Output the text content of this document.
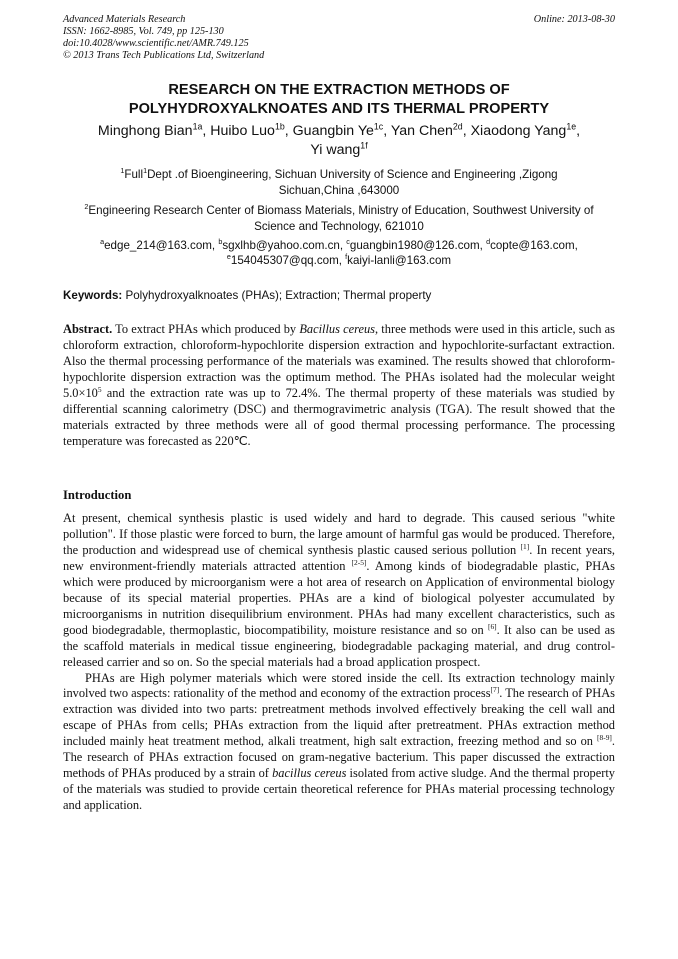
Advanced Materials Research
ISSN: 1662-8985, Vol. 749, pp 125-130
doi:10.4028/www.scientific.net/AMR.749.125
© 2013 Trans Tech Publications Ltd, Switzerland
Online: 2013-08-30
RESEARCH ON THE EXTRACTION METHODS OF
POLYHYDROXYALKNOATES AND ITS THERMAL PROPERTY
Minghong Bian$^{1a}$, Huibo Luo$^{1b}$, Guangbin $Ye^{1c}$, Yan Chen$^{2d}$, Xiaodong Yang$^{1e}$,
Yi wang$^{1f}$
$^1$Full$^1$Dept .of Bioengineering, Sichuan University of Science and Engineering ,Zigong
Sichuan,China ,643000
$^2$Engineering Research Center of Biomass Materials, Ministry of Education, Southwest University of
Science and Technology, 621010
$^a$edge_214@163.com, $^b$sgxlhb@yahoo.com.cn, $^c$guangbin1980@126.com, $^d$copte@163.com,
$^e$154045307@qq.com, $^f$kaiyi-lanli@163.com
Keywords: Polyhydroxyalknoates (PHAs); Extraction; Thermal property
Abstract. To extract PHAs which produced by Bacillus cereus, three methods were used in this article, such as chloroform extraction, chloroform-hypochlorite dispersion extraction and hypochlorite-surfactant extraction. Also the thermal processing performance of the materials was examined. The results showed that chloroform-hypochlorite dispersion extraction was the optimum method. The PHAs isolated had the molecular weight $5.0\times 10^5$ and the extraction rate was up to 72.4%. The thermal property of these materials was studied by differential scanning calorimetry (DSC) and thermogravimetric analysis (TGA). The result showed that the materials extracted by three methods were all of good thermal processing performance. The processing temperature was forecasted as 220℃.
Introduction

At present, chemical synthesis plastic is used widely and hard to degrade. This caused serious "white pollution". If those plastic were forced to burn, the large amount of harmful gas would be produced. Therefore, the production and widespread use of chemical synthesis plastic caused serious pollution [1]. In recent years, new environment-friendly materials attracted attention [2-5]. Among kinds of biodegradable plastic, PHAs which were produced by microorganism were a hot area of research on Application of environmental biology because of its special material properties. PHAs are a kind of biological polyester accumulated by microorganisms in nutrition disequilibrium environment. PHAs had many excellent characteristics, such as good biodegradable, thermoplastic, biocompatibility, moisture resistance and so on [6]. It also can be used as the scaffold materials in medical tissue engineering, biodegradable packaging material, and drug control-released carrier and so on. So the special materials had a broad application prospect.

PHAs are High polymer materials which were stored inside the cell. Its extraction technology mainly involved two aspects: rationality of the method and economy of the extraction process[7]. The research of PHAs extraction was divided into two parts: pretreatment methods involved effectively breaking the cell wall and escape of PHAs from cells; PHAs extraction from the liquid after pretreatment. PHAs extraction method included mainly heat treatment method, alkali treatment, high salt extraction, freezing method and so on [8-9]. The research of PHAs extraction focused on gram-negative bacterium. This paper discussed the extraction methods of PHAs produced by a strain of bacillus cereus isolated from active sludge. And the thermal property of the materials was studied to provide certain theoretical reference for PHAs material processing technology and application.
